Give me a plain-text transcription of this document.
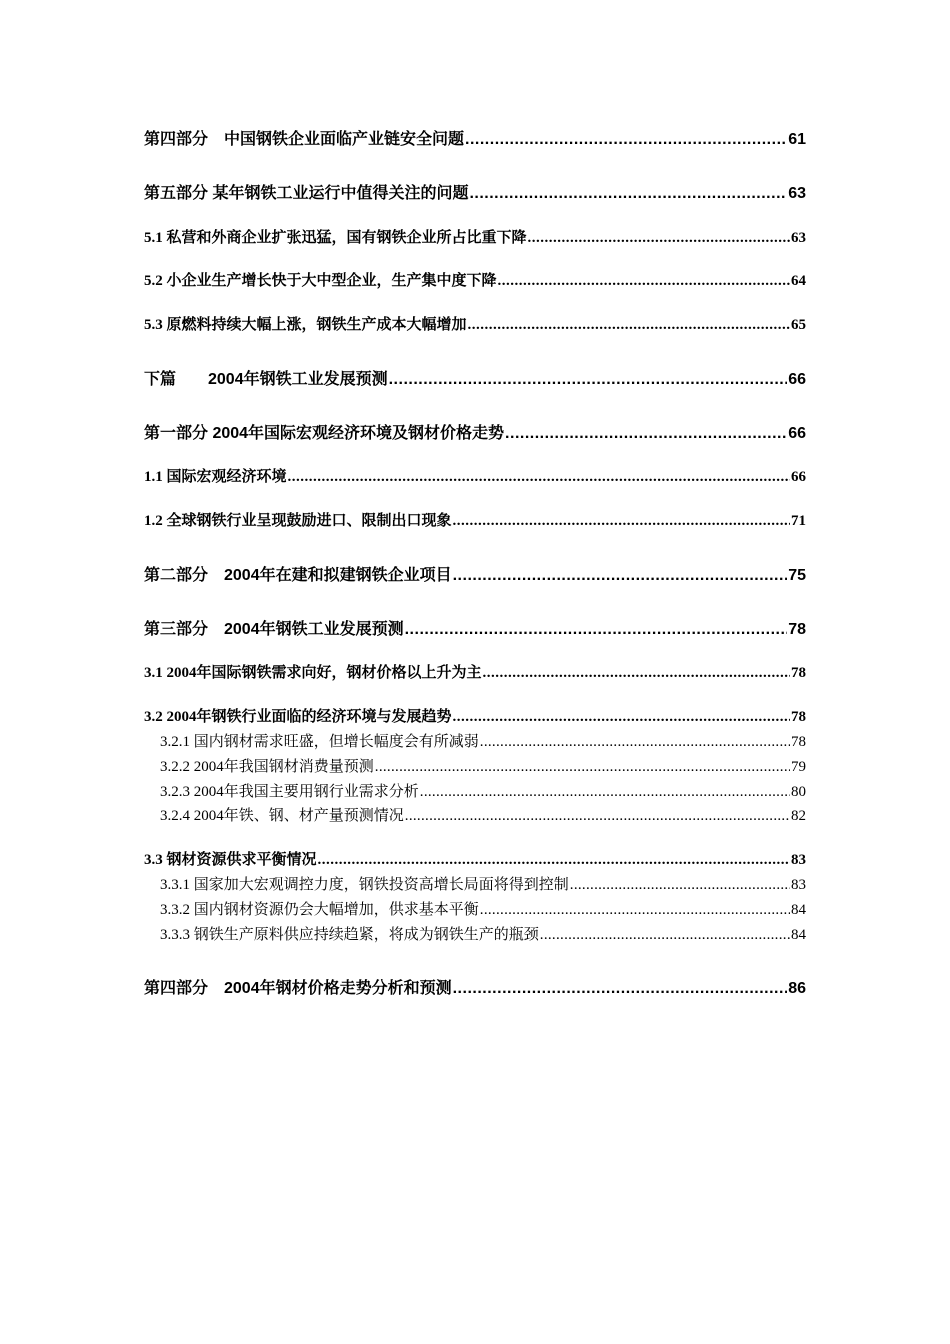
第四部分　中国钢铁企业面临产业链安全问题 .....	61
第五部分 某年钢铁工业运行中值得关注的问题 .....	63
5.1 私营和外商企业扩张迅猛，国有钢铁企业所占比重下降 .....	63
5.2 小企业生产增长快于大中型企业，生产集中度下降 .....	64
5.3 原燃料持续大幅上涨，钢铁生产成本大幅增加 .....	65
下篇　　2004年钢铁工业发展预测 .....	66
第一部分 2004年国际宏观经济环境及钢材价格走势 .....	66
1.1 国际宏观经济环境 .....	66
1.2 全球钢铁行业呈现鼓励进口、限制出口现象 .....	71
第二部分　2004年在建和拟建钢铁企业项目 .....	75
第三部分　2004年钢铁工业发展预测 .....	78
3.1 2004年国际钢铁需求向好，钢材价格以上升为主 .....	78
3.2 2004年钢铁行业面临的经济环境与发展趋势 .....	78
3.2.1 国内钢材需求旺盛，但增长幅度会有所减弱 .....	78
3.2.2 2004年我国钢材消费量预测 .....	79
3.2.3 2004年我国主要用钢行业需求分析 .....	80
3.2.4 2004年铁、钢、材产量预测情况 .....	82
3.3 钢材资源供求平衡情况 .....	83
3.3.1 国家加大宏观调控力度，钢铁投资高增长局面将得到控制 .....	83
3.3.2 国内钢材资源仍会大幅增加，供求基本平衡 .....	84
3.3.3 钢铁生产原料供应持续趋紧，将成为钢铁生产的瓶颈 .....	84
第四部分　2004年钢材价格走势分析和预测 .....	86
